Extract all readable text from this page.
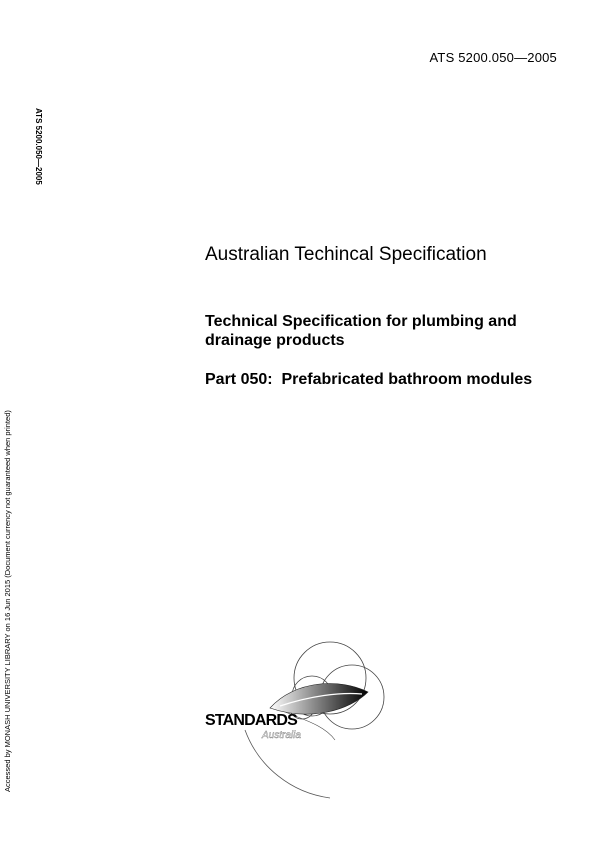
ATS 5200.050—2005
ATS 5200.050—2005
Accessed by MONASH UNIVERSITY LIBRARY on 16 Jun 2015 (Document currency not guaranteed when printed)
Australian Techincal Specification
Technical Specification for plumbing and drainage products
Part 050:  Prefabricated bathroom modules
STANDARDS
Australia
